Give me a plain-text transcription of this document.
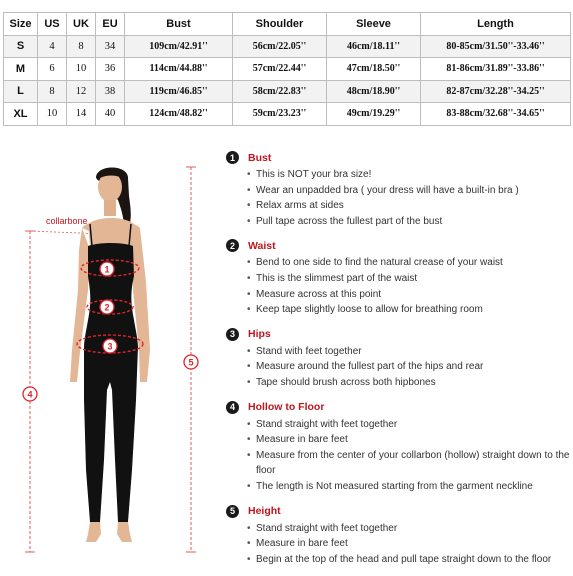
Size	US	UK	EU	Bust	Shoulder	Sleeve	Length
S	4	8	34	109cm/42.91''	56cm/22.05''	46cm/18.11''	80-85cm/31.50''-33.46''
M	6	10	36	114cm/44.88''	57cm/22.44''	47cm/18.50''	81-86cm/31.89''-33.86''
L	8	12	38	119cm/46.85''	58cm/22.83''	48cm/18.90''	82-87cm/32.28''-34.25''
XL	10	14	40	124cm/48.82''	59cm/23.23''	49cm/19.29''	83-88cm/32.68''-34.65''
1
2
3
4
5
collarbone
1	Bust
• This is NOT your bra size!
• Wear an unpadded bra ( your dress will have a built-in bra )
• Relax arms at sides
• Pull tape across the fullest part of the bust
2	Waist
• Bend to one side to find the natural crease of your waist
• This is the slimmest part of the waist
• Measure across at this point
• Keep tape slightly loose to allow for breathing room
3	Hips
• Stand with feet together
• Measure around the fullest part of the hips and rear
• Tape should brush across both hipbones
4	Hollow to Floor
• Stand straight with feet together
• Measure in bare feet
• Measure from the center of your collarbon (hollow) straight down to the floor
• The length is Not measured starting from the garment neckline
5	Height
• Stand straight with feet together
• Measure in bare feet
• Begin at the top of the head and pull tape straight down to the floor
